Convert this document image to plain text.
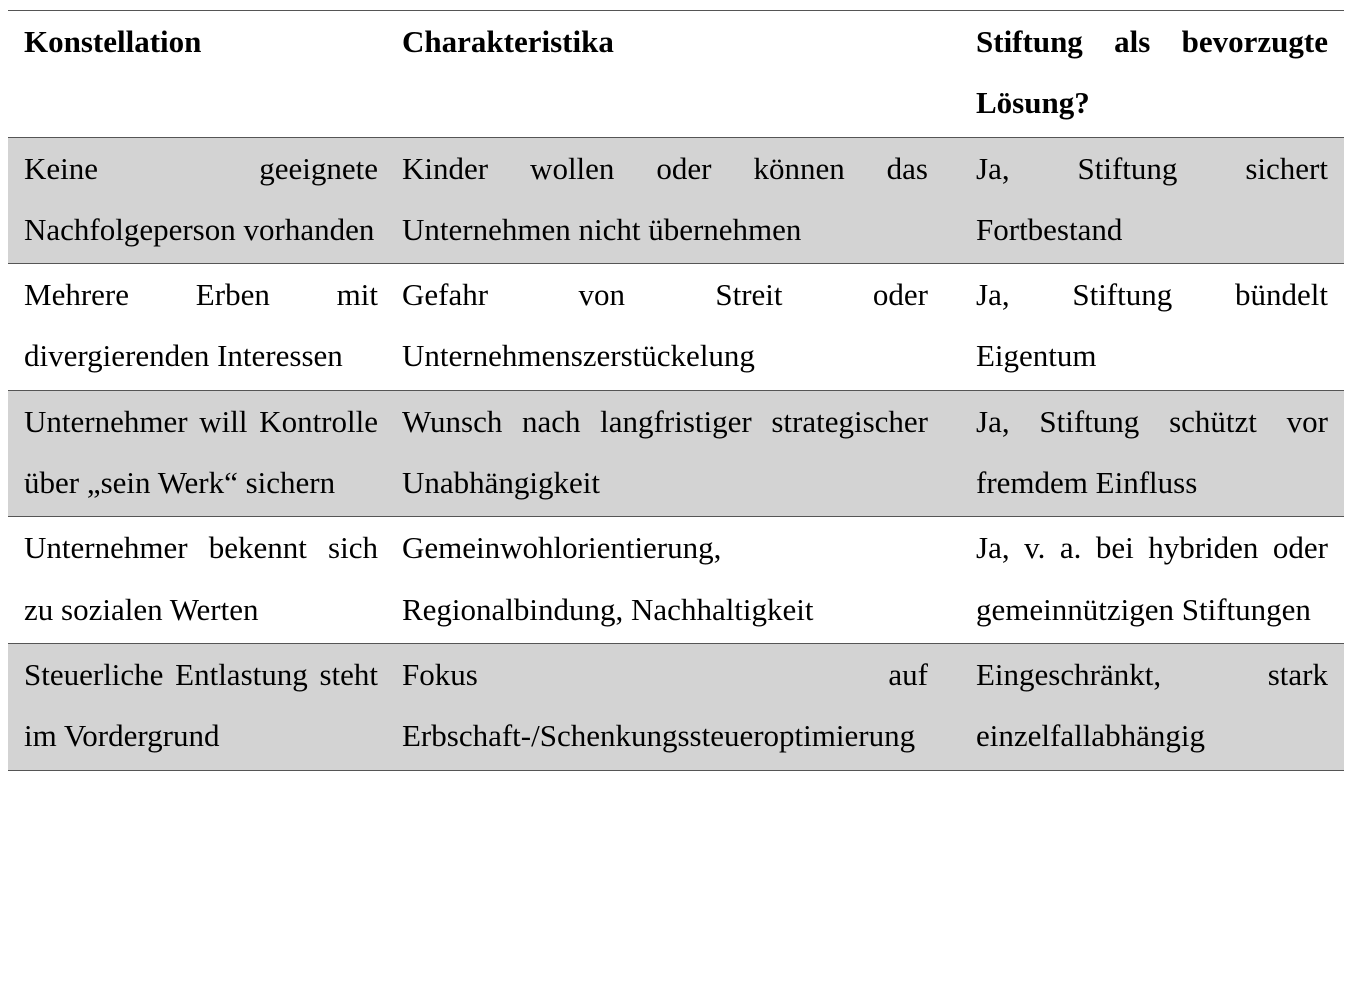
Konstellation	Charakteristika	Stiftung als bevorzugte Lösung?

Keine geeignete Nachfolgeperson vorhanden	Kinder wollen oder können das Unternehmen nicht übernehmen	Ja, Stiftung sichert Fortbestand

Mehrere Erben mit divergierenden Interessen	Gefahr von Streit oder Unternehmenszerstückelung	Ja, Stiftung bündelt Eigentum

Unternehmer will Kontrolle über „sein Werk“ sichern	Wunsch nach langfristiger strategischer Unabhängigkeit	Ja, Stiftung schützt vor fremdem Einfluss

Unternehmer bekennt sich zu sozialen Werten	Gemeinwohlorientierung, Regionalbindung, Nachhaltigkeit	Ja, v. a. bei hybriden oder gemeinnützigen Stiftungen

Steuerliche Entlastung steht im Vordergrund	Fokus auf Erbschaft-/Schenkungssteueroptimierung	Eingeschränkt, stark einzelfallabhängig
